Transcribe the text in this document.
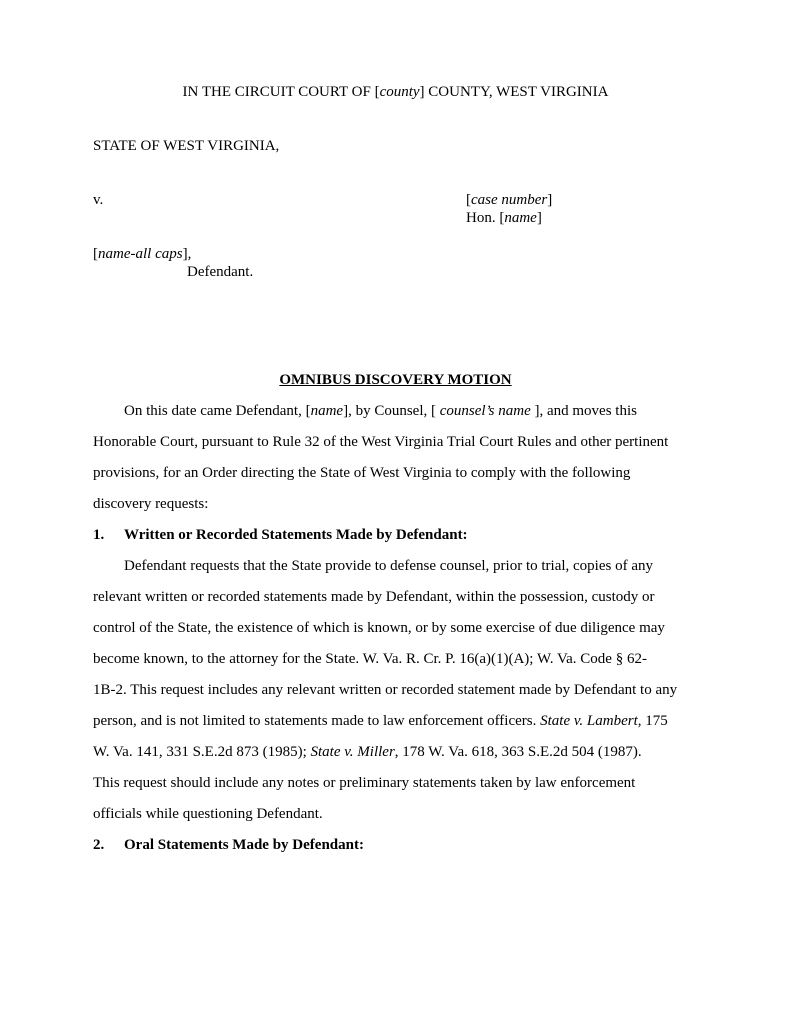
IN THE CIRCUIT COURT OF [county] COUNTY, WEST VIRGINIA
STATE OF WEST VIRGINIA,
v.	[case number]
Hon. [name]
[name-all caps],
Defendant.
OMNIBUS DISCOVERY MOTION
On this date came Defendant, [name], by Counsel, [ counsel’s name ], and moves this
Honorable Court, pursuant to Rule 32 of the West Virginia Trial Court Rules and other pertinent
provisions, for an Order directing the State of West Virginia to comply with the following
discovery requests:
1. Written or Recorded Statements Made by Defendant:
Defendant requests that the State provide to defense counsel, prior to trial, copies of any
relevant written or recorded statements made by Defendant, within the possession, custody or
control of the State, the existence of which is known, or by some exercise of due diligence may
become known, to the attorney for the State. W. Va. R. Cr. P. 16(a)(1)(A); W. Va. Code § 62-
1B-2. This request includes any relevant written or recorded statement made by Defendant to any
person, and is not limited to statements made to law enforcement officers. State v. Lambert, 175
W. Va. 141, 331 S.E.2d 873 (1985); State v. Miller, 178 W. Va. 618, 363 S.E.2d 504 (1987).
This request should include any notes or preliminary statements taken by law enforcement
officials while questioning Defendant.
2. Oral Statements Made by Defendant:
